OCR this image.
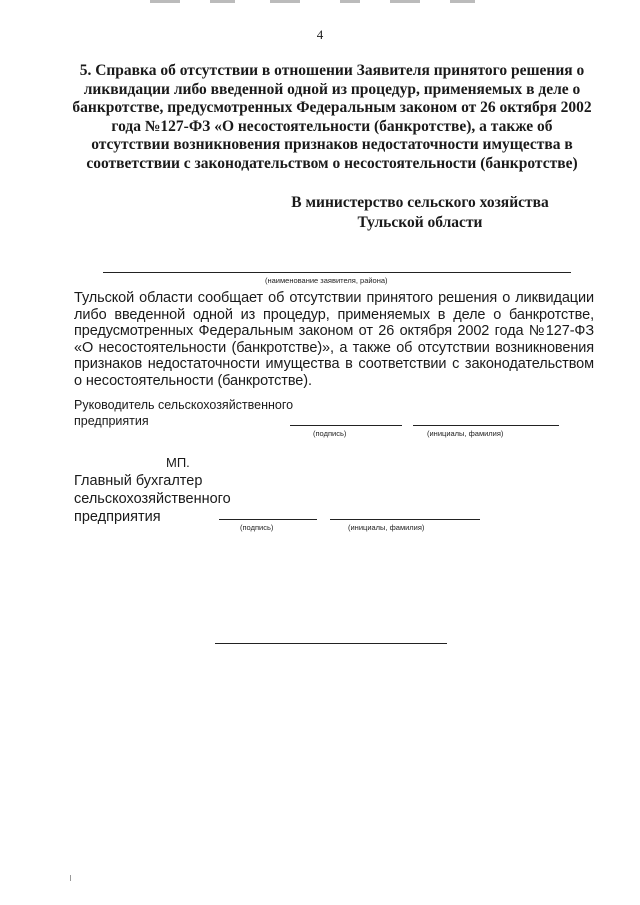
4
5. Справка об отсутствии в отношении Заявителя принятого решения о ликвидации либо введенной одной из процедур, применяемых в деле о банкротстве, предусмотренных Федеральным законом от 26 октября 2002 года №127-ФЗ «О несостоятельности (банкротстве), а также об отсутствии возникновения признаков недостаточности имущества в соответствии с законодательством о несостоятельности (банкротстве)
В министерство сельского хозяйства
Тульской области
(наименование заявителя, района)
Тульской области сообщает об отсутствии принятого решения о ликвидации либо введенной одной из процедур, применяемых в деле о банкротстве, предусмотренных Федеральным законом от 26 октября 2002 года №127-ФЗ «О несостоятельности (банкротстве)», а также об отсутствии возникновения признаков недостаточности имущества в соответствии с законодательством о несостоятельности (банкротстве).
Руководитель сельскохозяйственного
предприятия
(подпись)	(инициалы, фамилия)
МП.
Главный бухгалтер
сельскохозяйственного
предприятия
(подпись)	(инициалы, фамилия)
